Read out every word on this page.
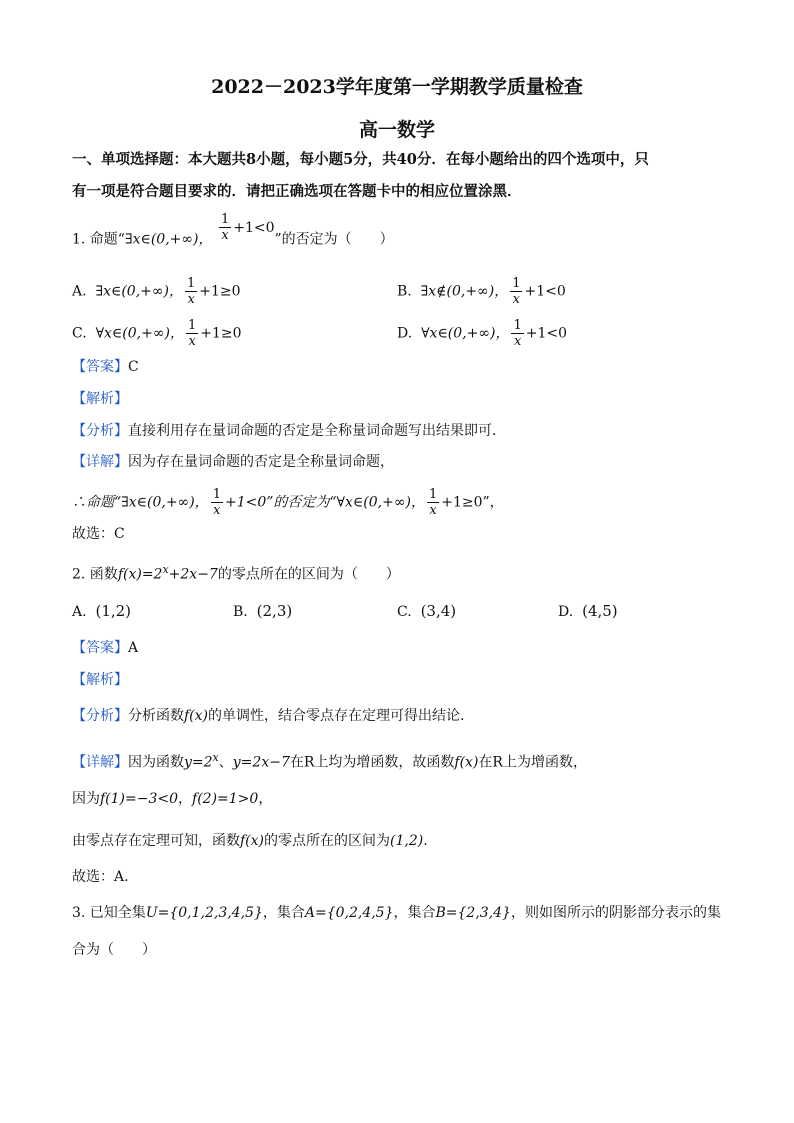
2022－2023学年度第一学期教学质量检查
高一数学
一、单项选择题：本大题共8小题，每小题5分，共40分．在每小题给出的四个选项中，只
有一项是符合题目要求的．请把正确选项在答题卡中的相应位置涂黑．
1. 命题“∃x∈(0,+∞)， $\frac{1}{x} +1<0$”的否定为（　　）
A. ∃x∈(0,+∞)， $\frac{1}{x} +1\ge 0$	B. ∃x∉(0,+∞)， $\frac{1}{x} +1<0$
C. ∀x∈(0,+∞)， $\frac{1}{x} +1\ge 0$	D. ∀x∈(0,+∞)， $\frac{1}{x} +1<0$
【答案】C
【解析】
【分析】直接利用存在量词命题的否定是全称量词命题写出结果即可．
【详解】因为存在量词命题的否定是全称量词命题，
∴命题“∃x∈(0,+∞)， $\frac{1}{x} +1<0$”的否定为“∀x∈(0,+∞)， $\frac{1}{x} +1\ge 0$”，
故选：C
2. 函数$f(x)=2^x+2x-7$的零点所在的区间为（　　）
A. (1,2)	B. (2,3)	C. (3,4)	D. (4,5)
【答案】A
【解析】
【分析】分析函数f(x)的单调性，结合零点存在定理可得出结论.
【详解】因为函数$y=2^x$、y=2x−7在R上均为增函数，故函数f(x)在R上为增函数，
因为f(1)=−3<0，f(2)=1>0，
由零点存在定理可知，函数f(x)的零点所在的区间为(1,2).
故选：A.
3. 已知全集U={0,1,2,3,4,5}，集合A={0,2,4,5}，集合B={2,3,4}，则如图所示的阴影部分表示的集
合为（　　）
